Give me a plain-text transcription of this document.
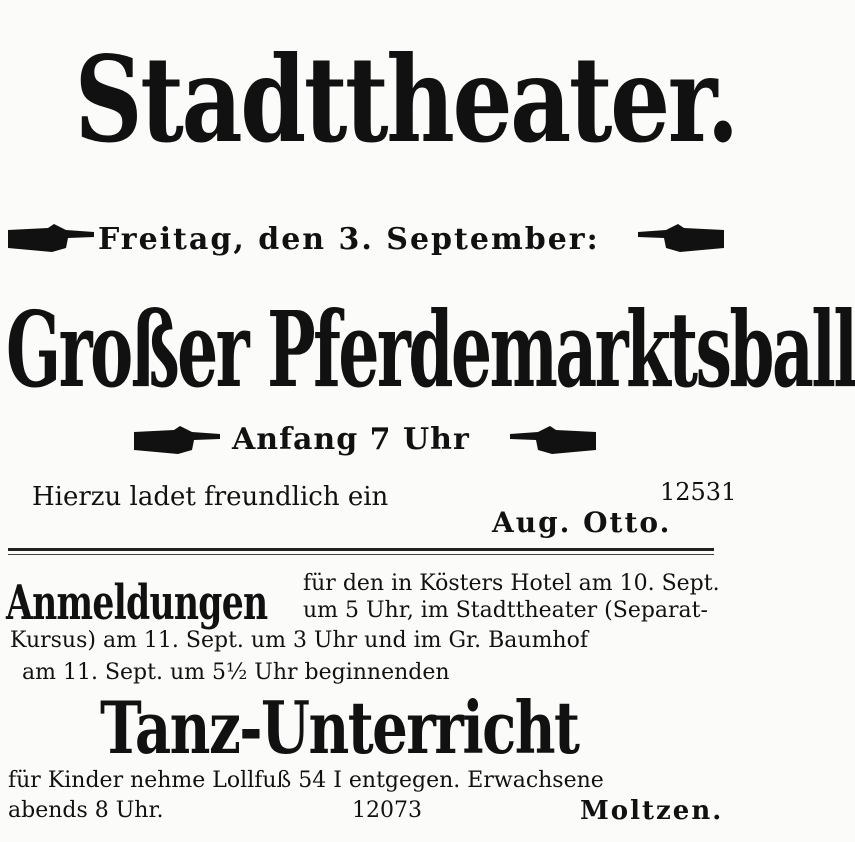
Stadttheater.
Freitag, den 3. September:
Großer Pferdemarktsball
Anfang 7 Uhr
Hierzu ladet freundlich ein	12531
Aug. Otto.
Anmeldungen für den in Kösters Hotel am 10. Sept.
um 5 Uhr, im Stadttheater (Separat-
Kursus) am 11. Sept. um 3 Uhr und im Gr. Baumhof
am 11. Sept. um 5½ Uhr beginnenden
Tanz-Unterricht
für Kinder nehme Lollfuß 54 I entgegen. Erwachsene
abends 8 Uhr.	12073	Moltzen.
